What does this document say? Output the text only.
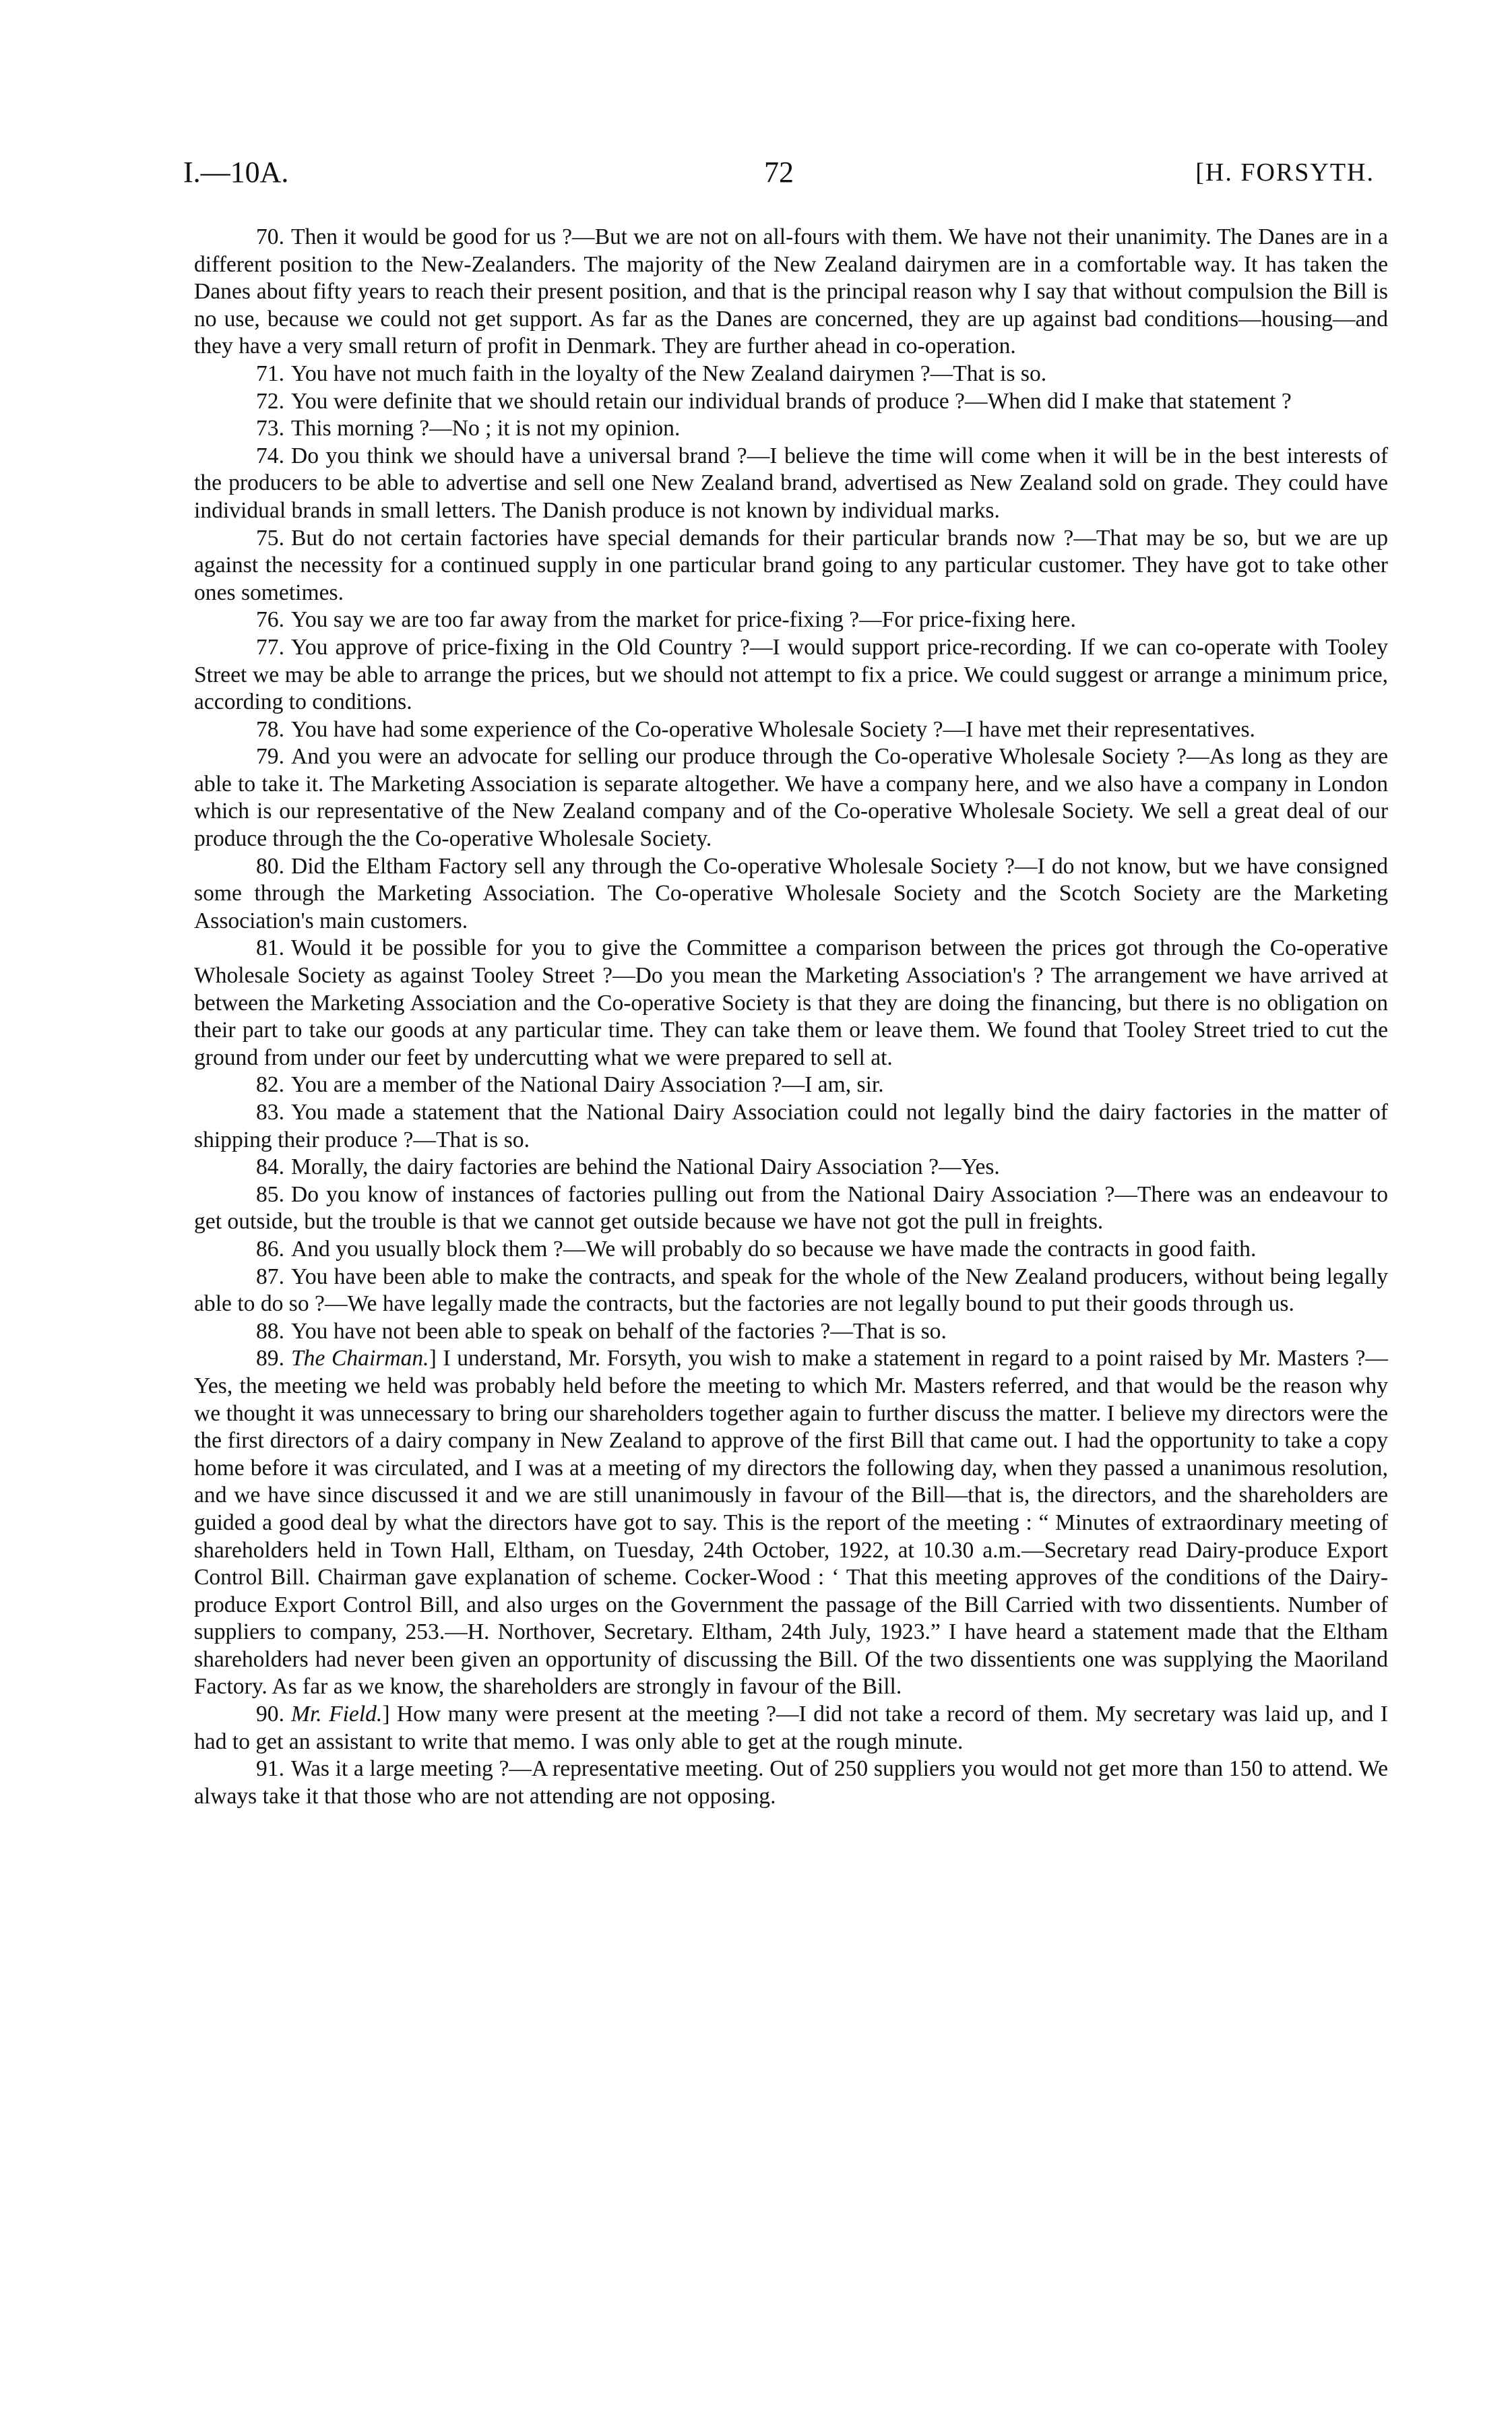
I.—10A.	72	[H. FORSYTH.

70. Then it would be good for us ?—But we are not on all-fours with them. We have not their unanimity. The Danes are in a different position to the New-Zealanders. The majority of the New Zealand dairymen are in a comfortable way. It has taken the Danes about fifty years to reach their present position, and that is the principal reason why I say that without compulsion the Bill is no use, because we could not get support. As far as the Danes are concerned, they are up against bad conditions—housing—and they have a very small return of profit in Denmark. They are further ahead in co-operation.

71. You have not much faith in the loyalty of the New Zealand dairymen ?—That is so.

72. You were definite that we should retain our individual brands of produce ?—When did I make that statement ?

73. This morning ?—No ; it is not my opinion.

74. Do you think we should have a universal brand ?—I believe the time will come when it will be in the best interests of the producers to be able to advertise and sell one New Zealand brand, advertised as New Zealand sold on grade. They could have individual brands in small letters. The Danish produce is not known by individual marks.

75. But do not certain factories have special demands for their particular brands now ?—That may be so, but we are up against the necessity for a continued supply in one particular brand going to any particular customer. They have got to take other ones sometimes.

76. You say we are too far away from the market for price-fixing ?—For price-fixing here.

77. You approve of price-fixing in the Old Country ?—I would support price-recording. If we can co-operate with Tooley Street we may be able to arrange the prices, but we should not attempt to fix a price. We could suggest or arrange a minimum price, according to conditions.

78. You have had some experience of the Co-operative Wholesale Society ?—I have met their representatives.

79. And you were an advocate for selling our produce through the Co-operative Wholesale Society ?—As long as they are able to take it. The Marketing Association is separate altogether. We have a company here, and we also have a company in London which is our representative of the New Zealand company and of the Co-operative Wholesale Society. We sell a great deal of our produce through the the Co-operative Wholesale Society.

80. Did the Eltham Factory sell any through the Co-operative Wholesale Society ?—I do not know, but we have consigned some through the Marketing Association. The Co-operative Wholesale Society and the Scotch Society are the Marketing Association's main customers.

81. Would it be possible for you to give the Committee a comparison between the prices got through the Co-operative Wholesale Society as against Tooley Street ?—Do you mean the Marketing Association's ? The arrangement we have arrived at between the Marketing Association and the Co-operative Society is that they are doing the financing, but there is no obligation on their part to take our goods at any particular time. They can take them or leave them. We found that Tooley Street tried to cut the ground from under our feet by undercutting what we were prepared to sell at.

82. You are a member of the National Dairy Association ?—I am, sir.

83. You made a statement that the National Dairy Association could not legally bind the dairy factories in the matter of shipping their produce ?—That is so.

84. Morally, the dairy factories are behind the National Dairy Association ?—Yes.

85. Do you know of instances of factories pulling out from the National Dairy Association ?—There was an endeavour to get outside, but the trouble is that we cannot get outside because we have not got the pull in freights.

86. And you usually block them ?—We will probably do so because we have made the contracts in good faith.

87. You have been able to make the contracts, and speak for the whole of the New Zealand producers, without being legally able to do so ?—We have legally made the contracts, but the factories are not legally bound to put their goods through us.

88. You have not been able to speak on behalf of the factories ?—That is so.

89. The Chairman.] I understand, Mr. Forsyth, you wish to make a statement in regard to a point raised by Mr. Masters ?—Yes, the meeting we held was probably held before the meeting to which Mr. Masters referred, and that would be the reason why we thought it was unnecessary to bring our shareholders together again to further discuss the matter. I believe my directors were the the first directors of a dairy company in New Zealand to approve of the first Bill that came out. I had the opportunity to take a copy home before it was circulated, and I was at a meeting of my directors the following day, when they passed a unanimous resolution, and we have since discussed it and we are still unanimously in favour of the Bill—that is, the directors, and the shareholders are guided a good deal by what the directors have got to say. This is the report of the meeting : “ Minutes of extraordinary meeting of shareholders held in Town Hall, Eltham, on Tuesday, 24th October, 1922, at 10.30 a.m.—Secretary read Dairy-produce Export Control Bill. Chairman gave explanation of scheme. Cocker-Wood : ‘ That this meeting approves of the conditions of the Dairy-produce Export Control Bill, and also urges on the Government the passage of the Bill Carried with two dissentients. Number of suppliers to company, 253.—H. Northover, Secretary. Eltham, 24th July, 1923.” I have heard a statement made that the Eltham shareholders had never been given an opportunity of discussing the Bill. Of the two dissentients one was supplying the Maoriland Factory. As far as we know, the shareholders are strongly in favour of the Bill.

90. Mr. Field.] How many were present at the meeting ?—I did not take a record of them. My secretary was laid up, and I had to get an assistant to write that memo. I was only able to get at the rough minute.

91. Was it a large meeting ?—A representative meeting. Out of 250 suppliers you would not get more than 150 to attend. We always take it that those who are not attending are not opposing.
